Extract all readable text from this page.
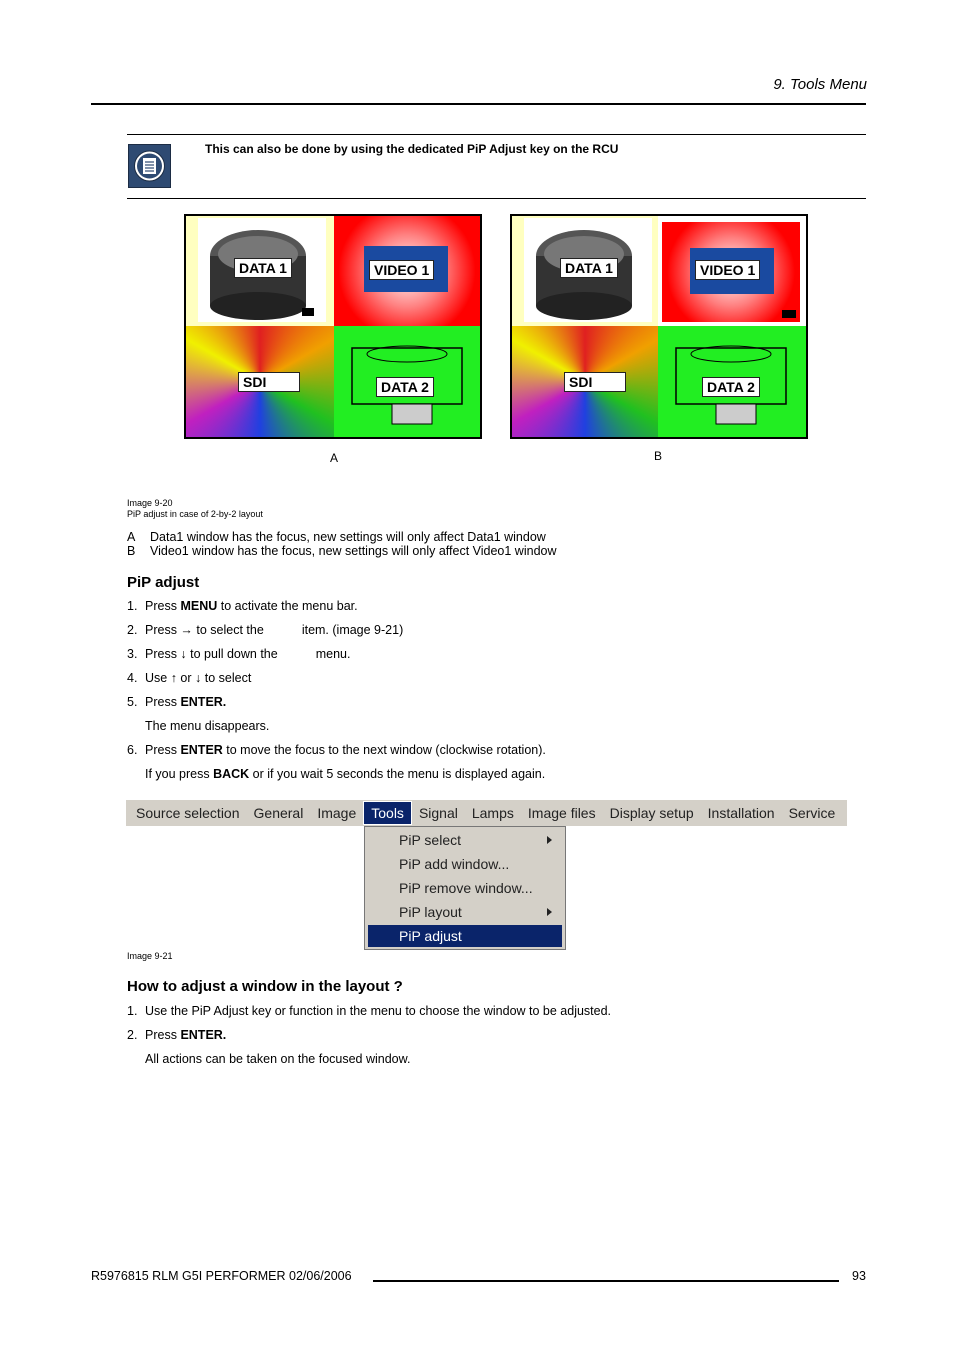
9. Tools Menu
This can also be done by using the dedicated PiP Adjust key on the RCU
DATA 1	VIDEO 1
SDI	DATA 2
A
DATA 1	VIDEO 1
SDI	DATA 2
B
Image 9-20
PiP adjust in case of 2-by-2 layout
A Data1 window has the focus, new settings will only affect Data1 window
B Video1 window has the focus, new settings will only affect Video1 window
PiP adjust
1. Press MENU to activate the menu bar.
2. Press → to select the	item. (image 9-21)
3. Press ↓ to pull down the	menu.
4. Use ↑ or ↓ to select
5. Press ENTER.
The menu disappears.
6. Press ENTER to move the focus to the next window (clockwise rotation).
If you press BACK or if you wait 5 seconds the menu is displayed again.
Source selection	General	Image	Tools	Signal	Lamps	Image files	Display setup	Installation	Service
PiP select
PiP add window...
PiP remove window...
PiP layout
PiP adjust
Image 9-21
How to adjust a window in the layout ?
1. Use the PiP Adjust key or function in the menu to choose the window to be adjusted.
2. Press ENTER.
All actions can be taken on the focused window.
R5976815 RLM G5I PERFORMER 02/06/2006	93
